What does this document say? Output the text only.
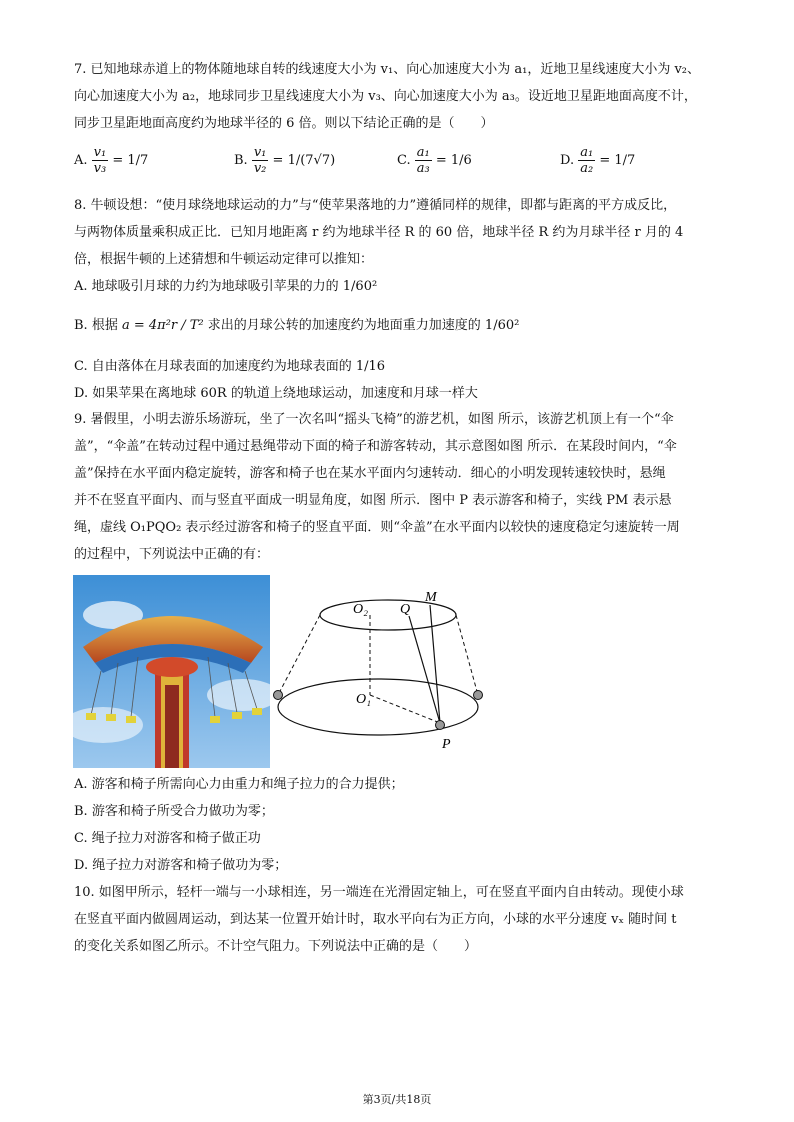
7. 已知地球赤道上的物体随地球自转的线速度大小为 v₁、向心加速度大小为 a₁，近地卫星线速度大小为 v₂、
向心加速度大小为 a₂，地球同步卫星线速度大小为 v₃、向心加速度大小为 a₃。设近地卫星距地面高度不计，
同步卫星距地面高度约为地球半径的 6 倍。则以下结论正确的是（　　）
A. $\frac{\text{v₁}}{\text{v₃}} = 1/7$	B. $\frac{\text{v₁}}{\text{v₂}} = 1/(7√7)$	C. $\frac{\text{a₁}}{\text{a₃}} = 1/6$	D. $\frac{\text{a₁}}{\text{a₂}} = 1/7$
8. 牛顿设想：“使月球绕地球运动的力”与“使苹果落地的力”遵循同样的规律，即都与距离的平方成反比，
与两物体质量乘积成正比．已知月地距离 r 约为地球半径 R 的 60 倍，地球半径 R 约为月球半径 r 月的 4
倍，根据牛顿的上述猜想和牛顿运动定律可以推知：
A. 地球吸引月球的力约为地球吸引苹果的力的 1/60²
B. 根据 a = 4π²r / T² 求出的月球公转的加速度约为地面重力加速度的 1/60²
C. 自由落体在月球表面的加速度约为地球表面的 1/16
D. 如果苹果在离地球 60R 的轨道上绕地球运动，加速度和月球一样大
9. 暑假里，小明去游乐场游玩，坐了一次名叫“摇头飞椅”的游艺机，如图 所示，该游艺机顶上有一个“伞
盖”，“伞盖”在转动过程中通过悬绳带动下面的椅子和游客转动，其示意图如图 所示．在某段时间内，“伞
盖”保持在水平面内稳定旋转，游客和椅子也在某水平面内匀速转动．细心的小明发现转速较快时，悬绳
并不在竖直平面内、而与竖直平面成一明显角度，如图 所示．图中 P 表示游客和椅子，实线 PM 表示悬
绳，虚线 O₁PQO₂ 表示经过游客和椅子的竖直平面．则“伞盖”在水平面内以较快的速度稳定匀速旋转一周
的过程中，下列说法中正确的有：
O₂ Q
M
O₁
P
A. 游客和椅子所需向心力由重力和绳子拉力的合力提供；
B. 游客和椅子所受合力做功为零；
C. 绳子拉力对游客和椅子做正功
D. 绳子拉力对游客和椅子做功为零；
10. 如图甲所示，轻杆一端与一小球相连，另一端连在光滑固定轴上，可在竖直平面内自由转动。现使小球
在竖直平面内做圆周运动，到达某一位置开始计时，取水平向右为正方向，小球的水平分速度 vₓ 随时间 t
的变化关系如图乙所示。不计空气阻力。下列说法中正确的是（　　）
第3页/共18页
